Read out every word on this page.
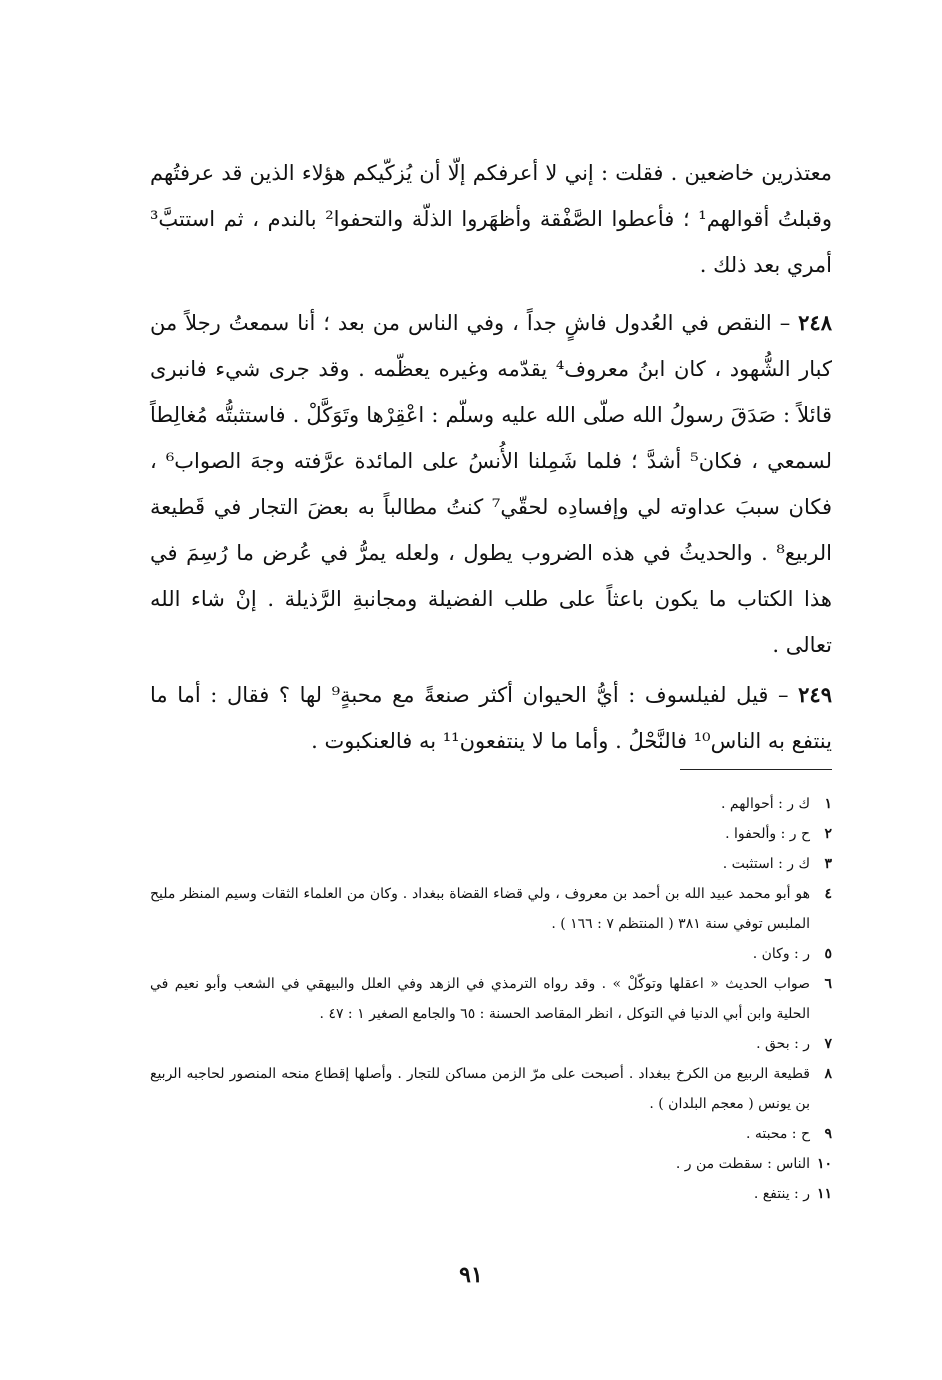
معتذرين خاضعين . فقلت : إني لا أعرفكم إلّا أن يُزكّيكم هؤلاء الذين قد عرفتُهم وقبلتُ أقوالهم¹ ؛ فأعطوا الصَّفْقة وأظهَروا الذلّة والتحفوا² بالندم ، ثم استتبَّ³ أمري بعد ذلك .

٢٤٨ – النقص في العُدول فاشٍ جداً ، وفي الناس من بعد ؛ أنا سمعتُ رجلاً من كبار الشُّهود ، كان ابنُ معروف⁴ يقدّمه وغيره يعظّمه . وقد جرى شيء فانبرى قائلاً : صَدَقَ رسولُ الله صلّى الله عليه وسلّم : اعْقِرْها وتَوَكَّلْ . فاستثبتُّه مُغالِطاً لسمعي ، فكان⁵ أشدَّ ؛ فلما شَمِلنا الأُنسُ على المائدة عرَّفته وجهَ الصواب⁶ ، فكان سببَ عداوته لي وإفسادِه لحقّي⁷ كنتُ مطالباً به بعضَ التجار في قَطيعة الربيع⁸ . والحديثُ في هذه الضروب يطول ، ولعله يمرُّ في عُرض ما رُسِمَ في هذا الكتاب ما يكون باعثاً على طلب الفضيلة ومجانبةِ الرَّذيلة . إنْ شاء الله تعالى .

٢٤٩ – قيل لفيلسوف : أيُّ الحيوان أكثر صنعةً مع محبةٍ⁹ لها ؟ فقال : أما ما ينتفع به الناس¹⁰ فالنَّحْلُ . وأما ما لا ينتفعون¹¹ به فالعنكبوت .

١
ك ر : أحوالهم .
٢
ح ر : وألحفوا .
٣
ك ر : استثبت .
٤
هو أبو محمد عبيد الله بن أحمد بن معروف ، ولي قضاء القضاة ببغداد . وكان من العلماء الثقات وسيم المنظر مليح الملبس توفي سنة ٣٨١ ( المنتظم ٧ : ١٦٦ ) .
٥
ر : وكان .
٦
صواب الحديث « اعقلها وتوكّلْ » . وقد رواه الترمذي في الزهد وفي العلل والبيهقي في الشعب وأبو نعيم في الحلية وابن أبي الدنيا في التوكل ، انظر المقاصد الحسنة : ٦٥ والجامع الصغير ١ : ٤٧ .
٧
ر : بحق .
٨
قطيعة الربيع من الكرخ ببغداد . أصبحت على مرّ الزمن مساكن للتجار . وأصلها إقطاع منحه المنصور لحاجبه الربيع بن يونس ( معجم البلدان ) .
٩
ح : محبته .
١٠
الناس : سقطت من ر .
١١
ر : ينتفع .
٩١
